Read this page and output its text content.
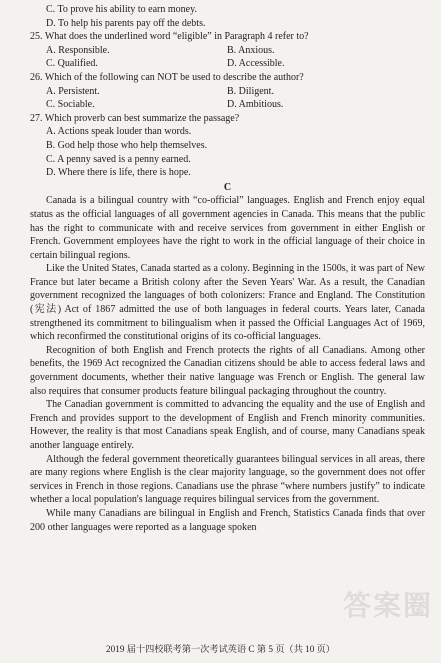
C. To prove his ability to earn money.

D. To help his parents pay off the debts.

25. What does the underlined word “eligible” in Paragraph 4 refer to?

A. Responsible.	B. Anxious.
C. Qualified.	D. Accessible.

26. Which of the following can NOT be used to describe the author?

A. Persistent.	B. Diligent.
C. Sociable.	D. Ambitious.

27. Which proverb can best summarize the passage?

A. Actions speak louder than words.

B. God help those who help themselves.

C. A penny saved is a penny earned.

D. Where there is life, there is hope.

C

Canada is a bilingual country with “co-official” languages. English and French enjoy equal status as the official languages of all government agencies in Canada. This means that the public has the right to communicate with and receive services from government in either English or French. Government employees have the right to work in the official language of their choice in certain bilingual regions.

Like the United States, Canada started as a colony. Beginning in the 1500s, it was part of New France but later became a British colony after the Seven Years' War. As a result, the Canadian government recognized the languages of both colonizers: France and England. The Constitution (宪法) Act of 1867 admitted the use of both languages in federal courts. Years later, Canada strengthened its commitment to bilingualism when it passed the Official Languages Act of 1969, which reconfirmed the constitutional origins of its co-official languages.

Recognition of both English and French protects the rights of all Canadians. Among other benefits, the 1969 Act recognized the Canadian citizens should be able to access federal laws and government documents, whether their native language was French or English. The general law also requires that consumer products feature bilingual packaging throughout the country.

The Canadian government is committed to advancing the equality and the use of English and French and provides support to the development of English and French minority communities. However, the reality is that most Canadians speak English, and of course, many Canadians speak another language entirely.

Although the federal government theoretically guarantees bilingual services in all areas, there are many regions where English is the clear majority language, so the government does not offer services in French in those regions. Canadians use the phrase “where numbers justify” to indicate whether a local population's language requires bilingual services from the government.

While many Canadians are bilingual in English and French, Statistics Canada finds that over 200 other languages were reported as a language spoken

答案圈
2019 届十四校联考第一次考试英语 C 第 5 页（共 10 页）
